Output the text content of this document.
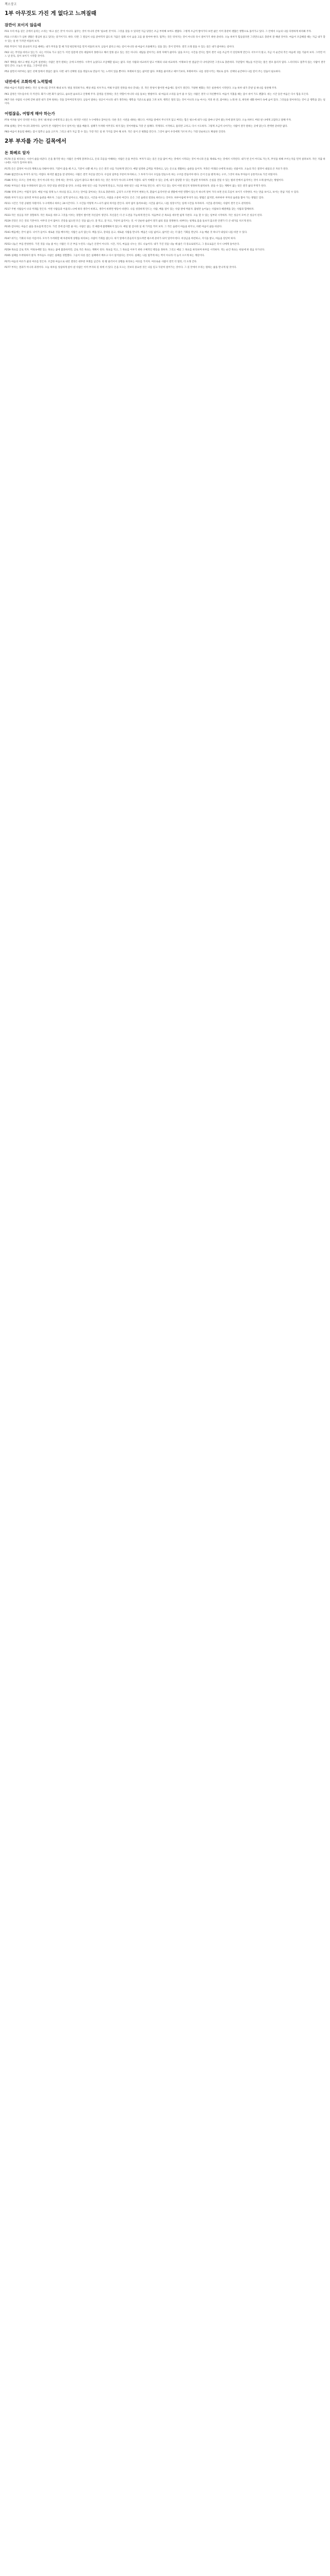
책소장고
1부 아무것도 가진 게 없다고 느껴질때
잠깐이 보이지 않을때

P31 우리 마음 깊은 곳에서 들리는 소리는 '하고 싶은 것'이 아니다. 꿈꾸는 것이 아니라 진짜 '필요한 것'이다. 그것을 찾을 수 있다면 지금 당장은 조금 부족해 보여도 괜찮다. 그렇게 조금씩 쌓아가다 보면 삶은 이미 충분히 괜찮은 방향으로 흘러가고 있다. 그 안에서 오늘의 나를 다정하게 바라봐 주자.

P33 스트레스가 심한 생활은 열심히 살고 있다는 증거이기도 하다. 다만 그 열심이 나를 갉아먹지 않도록 가끔은 멈춰 서서 숨을 고를 줄 알아야 한다. 멈추는 것은 뒤처지는 것이 아니라 다시 걸어가기 위한 준비다. 오늘 하루가 힘들었다면 그것만으로도 충분히 잘 해낸 것이다. 마음이 조급해질 때는 지금 내가 할 수 있는 일 한 가지만 떠올려 보자.

P35 무엇이 가장 중요한지 모를 때에는 내가 무엇을 할 때 가장 편안한지를 먼저 떠올려 보자. 남들이 좋다고 하는 길이 아니라 내 마음이 조용해지는 길을 찾는 것이 먼저다. 결국 오래 걸을 수 있는 길은 내가 좋아하는 길이다.

P42 나는 무엇을 바라고 있는가. 나는 어디로 가고 싶은가. 이런 질문에 선뜻 대답하지 못한다고 해서 잘못 살고 있는 것은 아니다. 대답을 찾아가는 과정 자체가 삶이다. 답을 모르는 시간을 견디는 힘이 결국 나를 조금씩 더 단단하게 만든다. 서두르지 말고, 지금 이 순간의 작은 마음에 귀를 기울여 보자. 그러면 어느 날 문득, 길이 보이기 시작할 것이다.

P47 계획을 세우고 매일 조금씩 실천하는 사람은 결국 원하는 곳에 도착한다. 시작이 늦었다고 조급해할 필요는 없다. 다른 사람과 비교하지 말고 어제의 나와 비교하자. 어제보다 한 걸음만 더 나아갔다면 그것으로 충분하다. 꾸준함이 재능을 이긴다는 말은 결코 틀리지 않다. 느리더라도 멈추지 않는 사람이 결국 멀리 간다. 오늘도 한 걸음, 그것이면 된다.

P52 살면서 마주하는 많은 선택 앞에서 정답은 없다. 다만 내가 선택한 길을 정답으로 만들어 가는 노력이 있을 뿐이다. 후회하지 않는 삶이란 없다. 후회를 줄이려고 애쓰기보다, 후회마저도 나를 성장시키는 재료로 삼자. 선택의 순간마다 나를 믿어 주는 연습이 필요하다.

내면에서 조화하게 노력할때

P56 마음이 복잡할 때에는 작은 일 하나를 끝까지 해내 보자. 방을 정리하거나, 책상 위를 치우거나, 미뤄 두었던 연락을 하나 끝내는 것. 작은 완성이 쌓이면 마음에도 질서가 생긴다. 거창한 변화는 작은 실천에서 시작된다. 오늘 하루 내가 끝낸 일 하나를 칭찬해 주자.

P61 감정은 억누를수록 더 커진다. 화가 나면 화가 났다고, 슬프면 슬프다고 인정해 주자. 감정을 인정하는 것은 약함이 아니라 나를 돌보는 방법이다. 내 마음의 소리를 들어 줄 수 있는 사람은 결국 나 자신뿐이다. 마음이 지쳤을 때는 잠시 쉬어 가도 괜찮다. 쉬는 시간 동안 마음은 다시 힘을 모은다.

P67 다른 사람의 시선에 갇혀 살면 내가 진짜 원하는 것을 잊어버리게 된다. 남들이 말하는 성공이 아니라 내가 생각하는 행복을 기준으로 삶을 그려 보자. 행복은 멀리 있는 것이 아니라 오늘 마시는 커피 한 잔, 좋아하는 노래 한 곡, 따뜻한 대화 한마디 속에 숨어 있다. 그것들을 알아차리는 것이 곧 행복을 찾는 일이다.

어렵잖을, 여렇게 해야 하는가

P74 어려운 일이 닥치면 우리는 흔히 ‘왜 하필 나에게’라고 묻는다. 하지만 시련은 누구에게나 찾아온다. 다른 것은 시련을 대하는 태도다. 어려움 앞에서 무너지지 않고 버티는 힘은 평소에 내가 나를 얼마나 믿어 왔는지에 달려 있다. 오늘 하루도 버텨 낸 나에게 고맙다고 말해 주자.

P78 실패는 끝이 아니라 과정이다. 넘어져 본 사람만이 다시 일어서는 법을 배운다. 실패가 두려워 아무것도 하지 않는 것이야말로 가장 큰 실패다. 작게라도 시작하고, 틀리면 고치고, 다시 시도하자. 그렇게 조금씩 나아가는 사람이 결국 원하는 곳에 닿는다. 완벽한 준비란 없다.

P83 마음이 흔들릴 때에는 잠시 멈추고 숨을 고르자. 그리고 내가 지금 할 수 있는 가장 작은 일 한 가지를 찾아 해 보자. 작은 일이 큰 변화를 만든다. 그것이 삶이 우리에게 가르쳐 주는 가장 단순하고도 확실한 진리다.

2부 부자를 가는 길목에서
돈 화폐로 알자

P170 돈을 바라보는 시선이 삶을 바꾼다. 돈을 쫓기만 하는 사람은 돈에게 끌려다니고, 돈의 흐름을 이해하는 사람은 돈을 부린다. 부자가 되는 길은 돈을 많이 버는 것에서 시작되는 것이 아니라 돈을 제대로 아는 것에서 시작된다. 내가 번 돈이 어디로 가는지, 무엇을 위해 쓰이는지를 먼저 살펴보자. 작은 지출 하나에도 이유가 있어야 한다.

P175 돈은 감정이 아니라 계획으로 다뤄야 한다. 기분이 좋을 때 쓰고, 기분이 나쁠 때 쓰는 돈은 결국 나를 가난하게 만든다. 매달 일정한 금액을 저축하고, 남는 돈으로 생활하는 습관을 들이자. 저축은 미래의 나에게 보내는 선물이다. 오늘의 작은 절약이 내일의 큰 자유가 된다.

P180 월급만으로 부자가 되기는 어렵다. 하지만 월급을 잘 관리하는 사람은 결국 자산을 만든다. 수입의 일부를 꾸준히 투자하고, 그 투자가 다시 수입을 만들도록 하는 구조를 만들어야 한다. 돈이 돈을 벌게 하는 구조, 그것이 바로 부자들이 공통적으로 가진 비밀이다.

P186 투자는 모르는 것에 하는 것이 아니라 아는 것에 하는 것이다. 남들이 좋다고 해서 따라 사는 것은 투자가 아니라 도박에 가깝다. 내가 이해할 수 있는 곳에, 내가 감당할 수 있는 만큼만 투자하자. 손실을 견딜 수 있는 범위 안에서 움직이는 것이 오래 살아남는 방법이다.

P192 부자들은 빚을 두려워하지 않는다. 다만 빚을 관리할 줄 안다. 소비를 위한 빚은 나를 가난하게 만들고, 자산을 위한 빚은 나를 부자로 만든다. 내가 지고 있는 빚이 어떤 빚인지 냉정하게 살펴보자. 갚을 수 있는 계획이 없는 빚은 결국 삶의 무게가 된다.

P198 경제 공부는 어렵지 않다. 매일 아침 경제 뉴스 하나를 읽고, 모르는 단어를 찾아보는 것으로 충분하다. 금리가 오르면 무엇이 변하는지, 환율이 움직이면 내 생활에 어떤 영향이 있는지 하나씩 알아 가다 보면 돈의 흐름이 보이기 시작한다. 아는 만큼 보이고, 보이는 만큼 지킬 수 있다.

P205 부자가 되고 싶다면 부자의 습관을 배우자. 그들은 일찍 일어나고, 책을 읽고, 시간을 아끼고, 사람을 소중히 여긴다. 돈은 그런 습관의 결과로 따라오는 것이다. 하루아침에 부자가 되는 방법은 없지만, 하루하루 부자의 습관을 쌓아 가는 방법은 있다.

P211 시간은 가장 공평한 자원이다. 누구에게나 하루는 24시간이다. 그 시간을 어떻게 쓰느냐가 삶의 차이를 만든다. 의미 없이 흘려보내는 시간을 줄이고, 나를 성장시키는 일에 시간을 투자하자. 시간을 관리하는 사람이 결국 돈도 관리한다.

P217 주변 사람들이 나의 미래를 만든다. 어떤 사람들과 어울리느냐에 따라 생각이 바뀌고, 생각이 바뀌면 행동이 바뀐다. 나를 성장하게 만드는 사람, 배울 점이 있는 사람 곁에 머물자. 불평만 늘어놓는 사람보다 해결책을 찾는 사람과 함께하자.

P223 작은 성공을 자주 경험하자. 작은 목표를 세우고 그것을 이루는 경험이 쌓이면 자신감이 생긴다. 자신감은 더 큰 도전을 가능하게 만든다. 처음부터 큰 목표를 세우면 쉽게 지친다. 오늘 할 수 있는 일부터 시작하자. 작은 성공이 모여 큰 성공이 된다.

P229 건강은 모든 것의 기본이다. 아무리 돈이 많아도 건강을 잃으면 모든 것을 잃는다. 잘 먹고, 잘 자고, 꾸준히 움직이는 것. 이 단순한 습관이 결국 삶의 질을 결정한다. 바쁘다는 핑계로 몸을 돌보지 않으면 언젠가 더 큰 대가를 치르게 된다.

P235 감사하는 마음은 삶을 풍요롭게 만든다. 가진 것에 감사할 줄 아는 사람은 없는 것 때문에 불행해하지 않는다. 매일 밤 감사한 일 세 가지를 적어 보자. 그 작은 습관이 마음을 바꾸고, 바뀐 마음이 삶을 바꾼다.

P241 배움에는 끝이 없다. 나이가 들어도 새로운 것을 배우려는 사람은 늙지 않는다. 책을 읽고, 강의를 듣고, 새로운 사람을 만나자. 배움은 나를 넓히고, 넓어진 나는 더 많은 기회를 만난다. 오늘 배운 것 하나가 내일의 나를 바꿀 수 있다.

P247 위기는 기회의 다른 이름이다. 모두가 두려워할 때 차분하게 상황을 바라보는 사람이 기회를 잡는다. 위기 앞에서 흔들리지 않으려면 평소에 준비가 되어 있어야 한다. 비상금을 마련하고, 지식을 쌓고, 마음을 단단히 하자.

P253 나눔은 부를 완성한다. 가진 것을 나눌 줄 아는 사람은 더 큰 부를 누린다. 나눔은 돈만이 아니다. 시간, 지식, 마음을 나누는 것도 나눔이다. 내가 가진 것을 나눌 때 삶은 더 풍요로워지고, 그 풍요로움은 다시 나에게 돌아온다.

P259 목표를 글로 적자. 머릿속에만 있는 목표는 꿈에 불과하지만, 글로 적은 목표는 계획이 된다. 목표를 적고, 그 목표를 이루기 위한 구체적인 행동을 정하자. 그리고 매일 그 목표를 바라보며 하루를 시작하자. 적는 순간 목표는 현실에 한 걸음 다가선다.

P265 실패를 두려워하지 말자. 부자들도 수많은 실패를 경험했다. 그들이 다른 점은 실패에서 배우고 다시 일어섰다는 것이다. 실패는 나를 멈추게 하는 벽이 아니라 더 높이 오르게 하는 계단이다.

P271 마음의 여유가 삶의 여유를 만든다. 조급한 마음으로 내린 결정은 대부분 후회를 남긴다. 한 발 물러서서 상황을 바라보는 여유를 가지자. 여유로운 사람이 결국 더 멀리, 더 오래 간다.

P277 부자는 결과가 아니라 과정이다. 오늘 하루를 성실하게 살아 낸 사람은 이미 부자의 길 위에 서 있다. 돈을 모으는 것보다 중요한 것은 나를 믿고 꾸준히 걸어가는 것이다. 그 길 끝에서 우리는 원하는 삶을 만나게 될 것이다.
